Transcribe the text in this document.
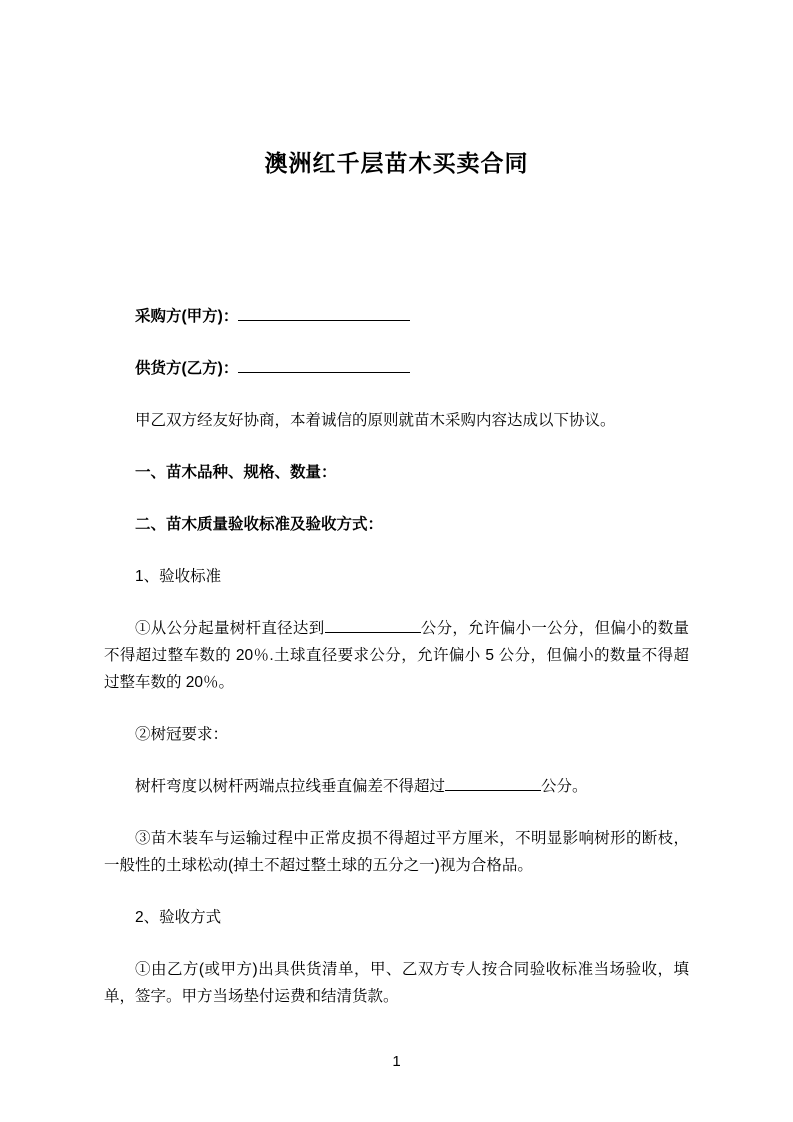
澳洲红千层苗木买卖合同

采购方(甲方)：

供货方(乙方)：

甲乙双方经友好协商，本着诚信的原则就苗木采购内容达成以下协议。

一、苗木品种、规格、数量：

二、苗木质量验收标准及验收方式：

1、验收标准

①从公分起量树杆直径达到	公分，允许偏小一公分，但偏小的数量不得超过整车数的 20％.土球直径要求公分，允许偏小 5 公分，但偏小的数量不得超过整车数的 20％。

②树冠要求：

树杆弯度以树杆两端点拉线垂直偏差不得超过	公分。

③苗木装车与运输过程中正常皮损不得超过平方厘米，不明显影响树形的断枝，一般性的土球松动(掉土不超过整土球的五分之一)视为合格品。

2、验收方式

①由乙方(或甲方)出具供货清单，甲、乙双方专人按合同验收标准当场验收，填单，签字。甲方当场垫付运费和结清货款。

1
